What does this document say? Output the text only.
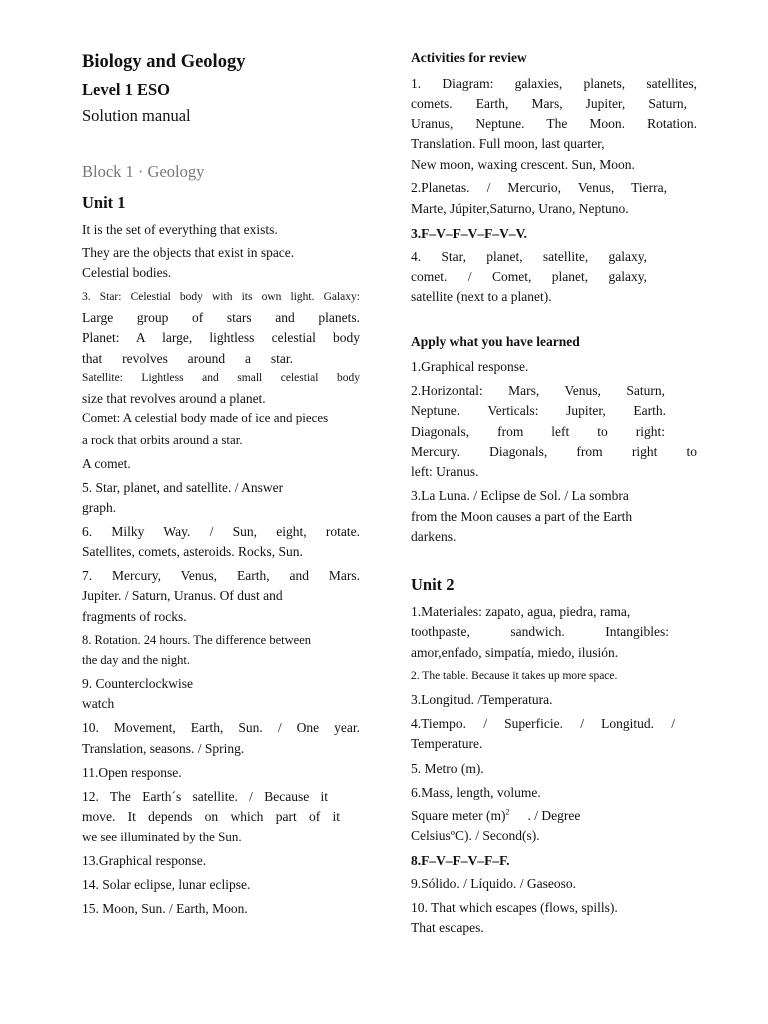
Biology and Geology
Level 1 ESO
Solution manual
Block 1 · Geology
Unit 1
It is the set of everything that exists.
They are the objects that exist in space.
Celestial bodies.
3. Star: Celestial body with its own light. Galaxy:
Large group of stars and planets.
Planet: A large, lightless celestial body
that revolves around a star.
Satellite: Lightless and small celestial body
size that revolves around a planet.
Comet: A celestial body made of ice and pieces
a rock that orbits around a star.
A comet.
5. Star, planet, and satellite. / Answer
graph.
6. Milky Way. / Sun, eight, rotate.
Satellites, comets, asteroids. Rocks, Sun.
7. Mercury, Venus, Earth, and Mars.
Jupiter. / Saturn, Uranus. Of dust and
fragments of rocks.
8. Rotation. 24 hours. The difference between
the day and the night.
9. Counterclockwise
watch
10. Movement, Earth, Sun. / One year.
Translation, seasons. / Spring.
11.Open response.
12. The Earth´s satellite. / Because it
move. It depends on which part of it
we see illuminated by the Sun.
13.Graphical response.
14. Solar eclipse, lunar eclipse.
15. Moon, Sun. / Earth, Moon.
Activities for review
1. Diagram: galaxies, planets, satellites,
comets. Earth, Mars, Jupiter, Saturn,
Uranus, Neptune. The Moon. Rotation.
Translation. Full moon, last quarter,
New moon, waxing crescent. Sun, Moon.
2.Planetas. / Mercurio, Venus, Tierra,
Marte, Júpiter,Saturno, Urano, Neptuno.
3.F–V–F–V–F–V–V.
4. Star, planet, satellite, galaxy,
comet. / Comet, planet, galaxy,
satellite (next to a planet).
Apply what you have learned
1.Graphical response.
2.Horizontal: Mars, Venus, Saturn,
Neptune. Verticals: Jupiter, Earth.
Diagonals, from left to right:
Mercury. Diagonals, from right to
left: Uranus.
3.La Luna. / Eclipse de Sol. / La sombra
from the Moon causes a part of the Earth
darkens.
Unit 2
1.Materiales: zapato, agua, piedra, rama,
toothpaste, sandwich. Intangibles:
amor,enfado, simpatía, miedo, ilusión.
2. The table. Because it takes up more space.
3.Longitud. /Temperatura.
4.Tiempo. / Superficie. / Longitud. /
Temperature.
5. Metro (m).
6.Mass, length, volume.
Square meter $(m)^2$ . / Degree
CelsiusºC). / Second(s).
8.F–V–F–V–F–F.
9.Sólido. / Líquido. / Gaseoso.
10. That which escapes (flows, spills).
That escapes.
